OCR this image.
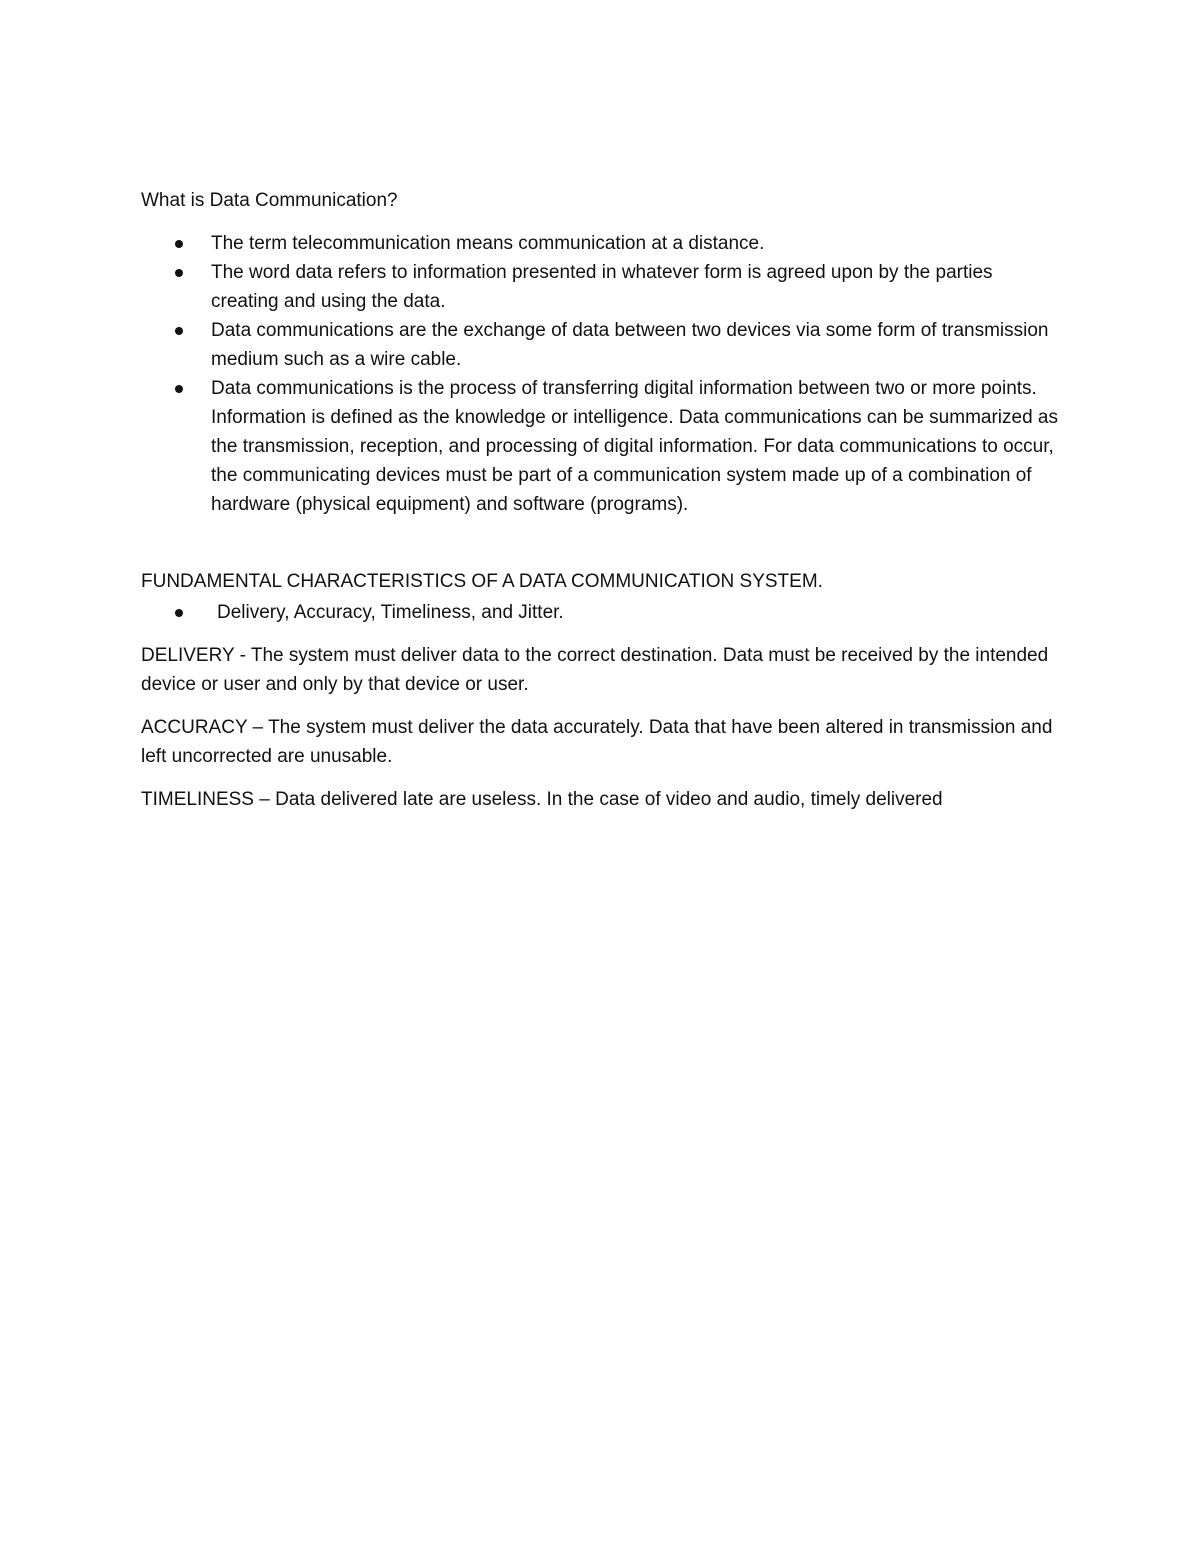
What is Data Communication?

The term telecommunication means communication at a distance.
The word data refers to information presented in whatever form is agreed upon by the parties creating and using the data.
Data communications are the exchange of data between two devices via some form of transmission medium such as a wire cable.
Data communications is the process of transferring digital information between two or more points. Information is defined as the knowledge or intelligence. Data communications can be summarized as the transmission, reception, and processing of digital information. For data communications to occur, the communicating devices must be part of a communication system made up of a combination of hardware (physical equipment) and software (programs).

FUNDAMENTAL CHARACTERISTICS OF A DATA COMMUNICATION SYSTEM.

Delivery, Accuracy, Timeliness, and Jitter.

DELIVERY - The system must deliver data to the correct destination. Data must be received by the intended device or user and only by that device or user.

ACCURACY – The system must deliver the data accurately. Data that have been altered in transmission and left uncorrected are unusable.

TIMELINESS – Data delivered late are useless. In the case of video and audio, timely delivered
